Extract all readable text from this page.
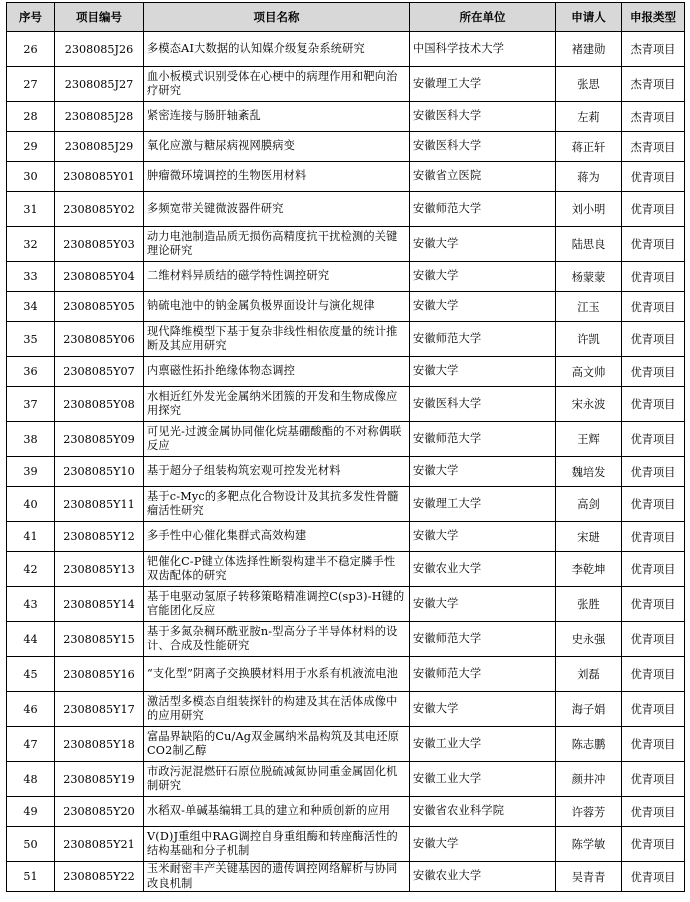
序号	项目编号	项目名称	所在单位	申请人	申报类型
26	2308085J26	多模态AI大数据的认知媒介级复杂系统研究	中国科学技术大学	褚建勋	杰青项目
27	2308085J27	血小板模式识别受体在心梗中的病理作用和靶向治疗研究	安徽理工大学	张思	杰青项目
28	2308085J28	紧密连接与肠肝轴紊乱	安徽医科大学	左莉	杰青项目
29	2308085J29	氧化应激与糖尿病视网膜病变	安徽医科大学	蒋正轩	杰青项目
30	2308085Y01	肿瘤微环境调控的生物医用材料	安徽省立医院	蒋为	优青项目
31	2308085Y02	多频宽带关键微波器件研究	安徽师范大学	刘小明	优青项目
32	2308085Y03	动力电池制造品质无损伤高精度抗干扰检测的关键理论研究	安徽大学	陆思良	优青项目
33	2308085Y04	二维材料异质结的磁学特性调控研究	安徽大学	杨蒙蒙	优青项目
34	2308085Y05	钠硫电池中的钠金属负极界面设计与演化规律	安徽大学	江玉	优青项目
35	2308085Y06	现代降维模型下基于复杂非线性相依度量的统计推断及其应用研究	安徽师范大学	许凯	优青项目
36	2308085Y07	内禀磁性拓扑绝缘体物态调控	安徽大学	高文帅	优青项目
37	2308085Y08	水相近红外发光金属纳米团簇的开发和生物成像应用探究	安徽医科大学	宋永波	优青项目
38	2308085Y09	可见光-过渡金属协同催化烷基硼酸酯的不对称偶联反应	安徽师范大学	王辉	优青项目
39	2308085Y10	基于超分子组装构筑宏观可控发光材料	安徽大学	魏培发	优青项目
40	2308085Y11	基于c-Myc的多靶点化合物设计及其抗多发性骨髓瘤活性研究	安徽理工大学	高剑	优青项目
41	2308085Y12	多手性中心催化集群式高效构建	安徽大学	宋琎	优青项目
42	2308085Y13	钯催化C-P键立体选择性断裂构建半不稳定膦手性双齿配体的研究	安徽农业大学	李乾坤	优青项目
43	2308085Y14	基于电驱动氢原子转移策略精准调控C(sp3)-H键的官能团化反应	安徽大学	张胜	优青项目
44	2308085Y15	基于多氮杂稠环酰亚胺n-型高分子半导体材料的设计、合成及性能研究	安徽师范大学	史永强	优青项目
45	2308085Y16	“支化型”阴离子交换膜材料用于水系有机液流电池	安徽师范大学	刘磊	优青项目
46	2308085Y17	激活型多模态自组装探针的构建及其在活体成像中的应用研究	安徽大学	海子娟	优青项目
47	2308085Y18	富晶界缺陷的Cu/Ag双金属纳米晶构筑及其电还原CO2制乙醇	安徽工业大学	陈志鹏	优青项目
48	2308085Y19	市政污泥混燃矸石原位脱硫减氮协同重金属固化机制研究	安徽工业大学	颜井冲	优青项目
49	2308085Y20	水稻双-单碱基编辑工具的建立和种质创新的应用	安徽省农业科学院	许蓉芳	优青项目
50	2308085Y21	V(D)J重组中RAG调控自身重组酶和转座酶活性的结构基础和分子机制	安徽大学	陈学敏	优青项目
51	2308085Y22	玉米耐密丰产关键基因的遗传调控网络解析与协同改良机制	安徽农业大学	吴青青	优青项目
